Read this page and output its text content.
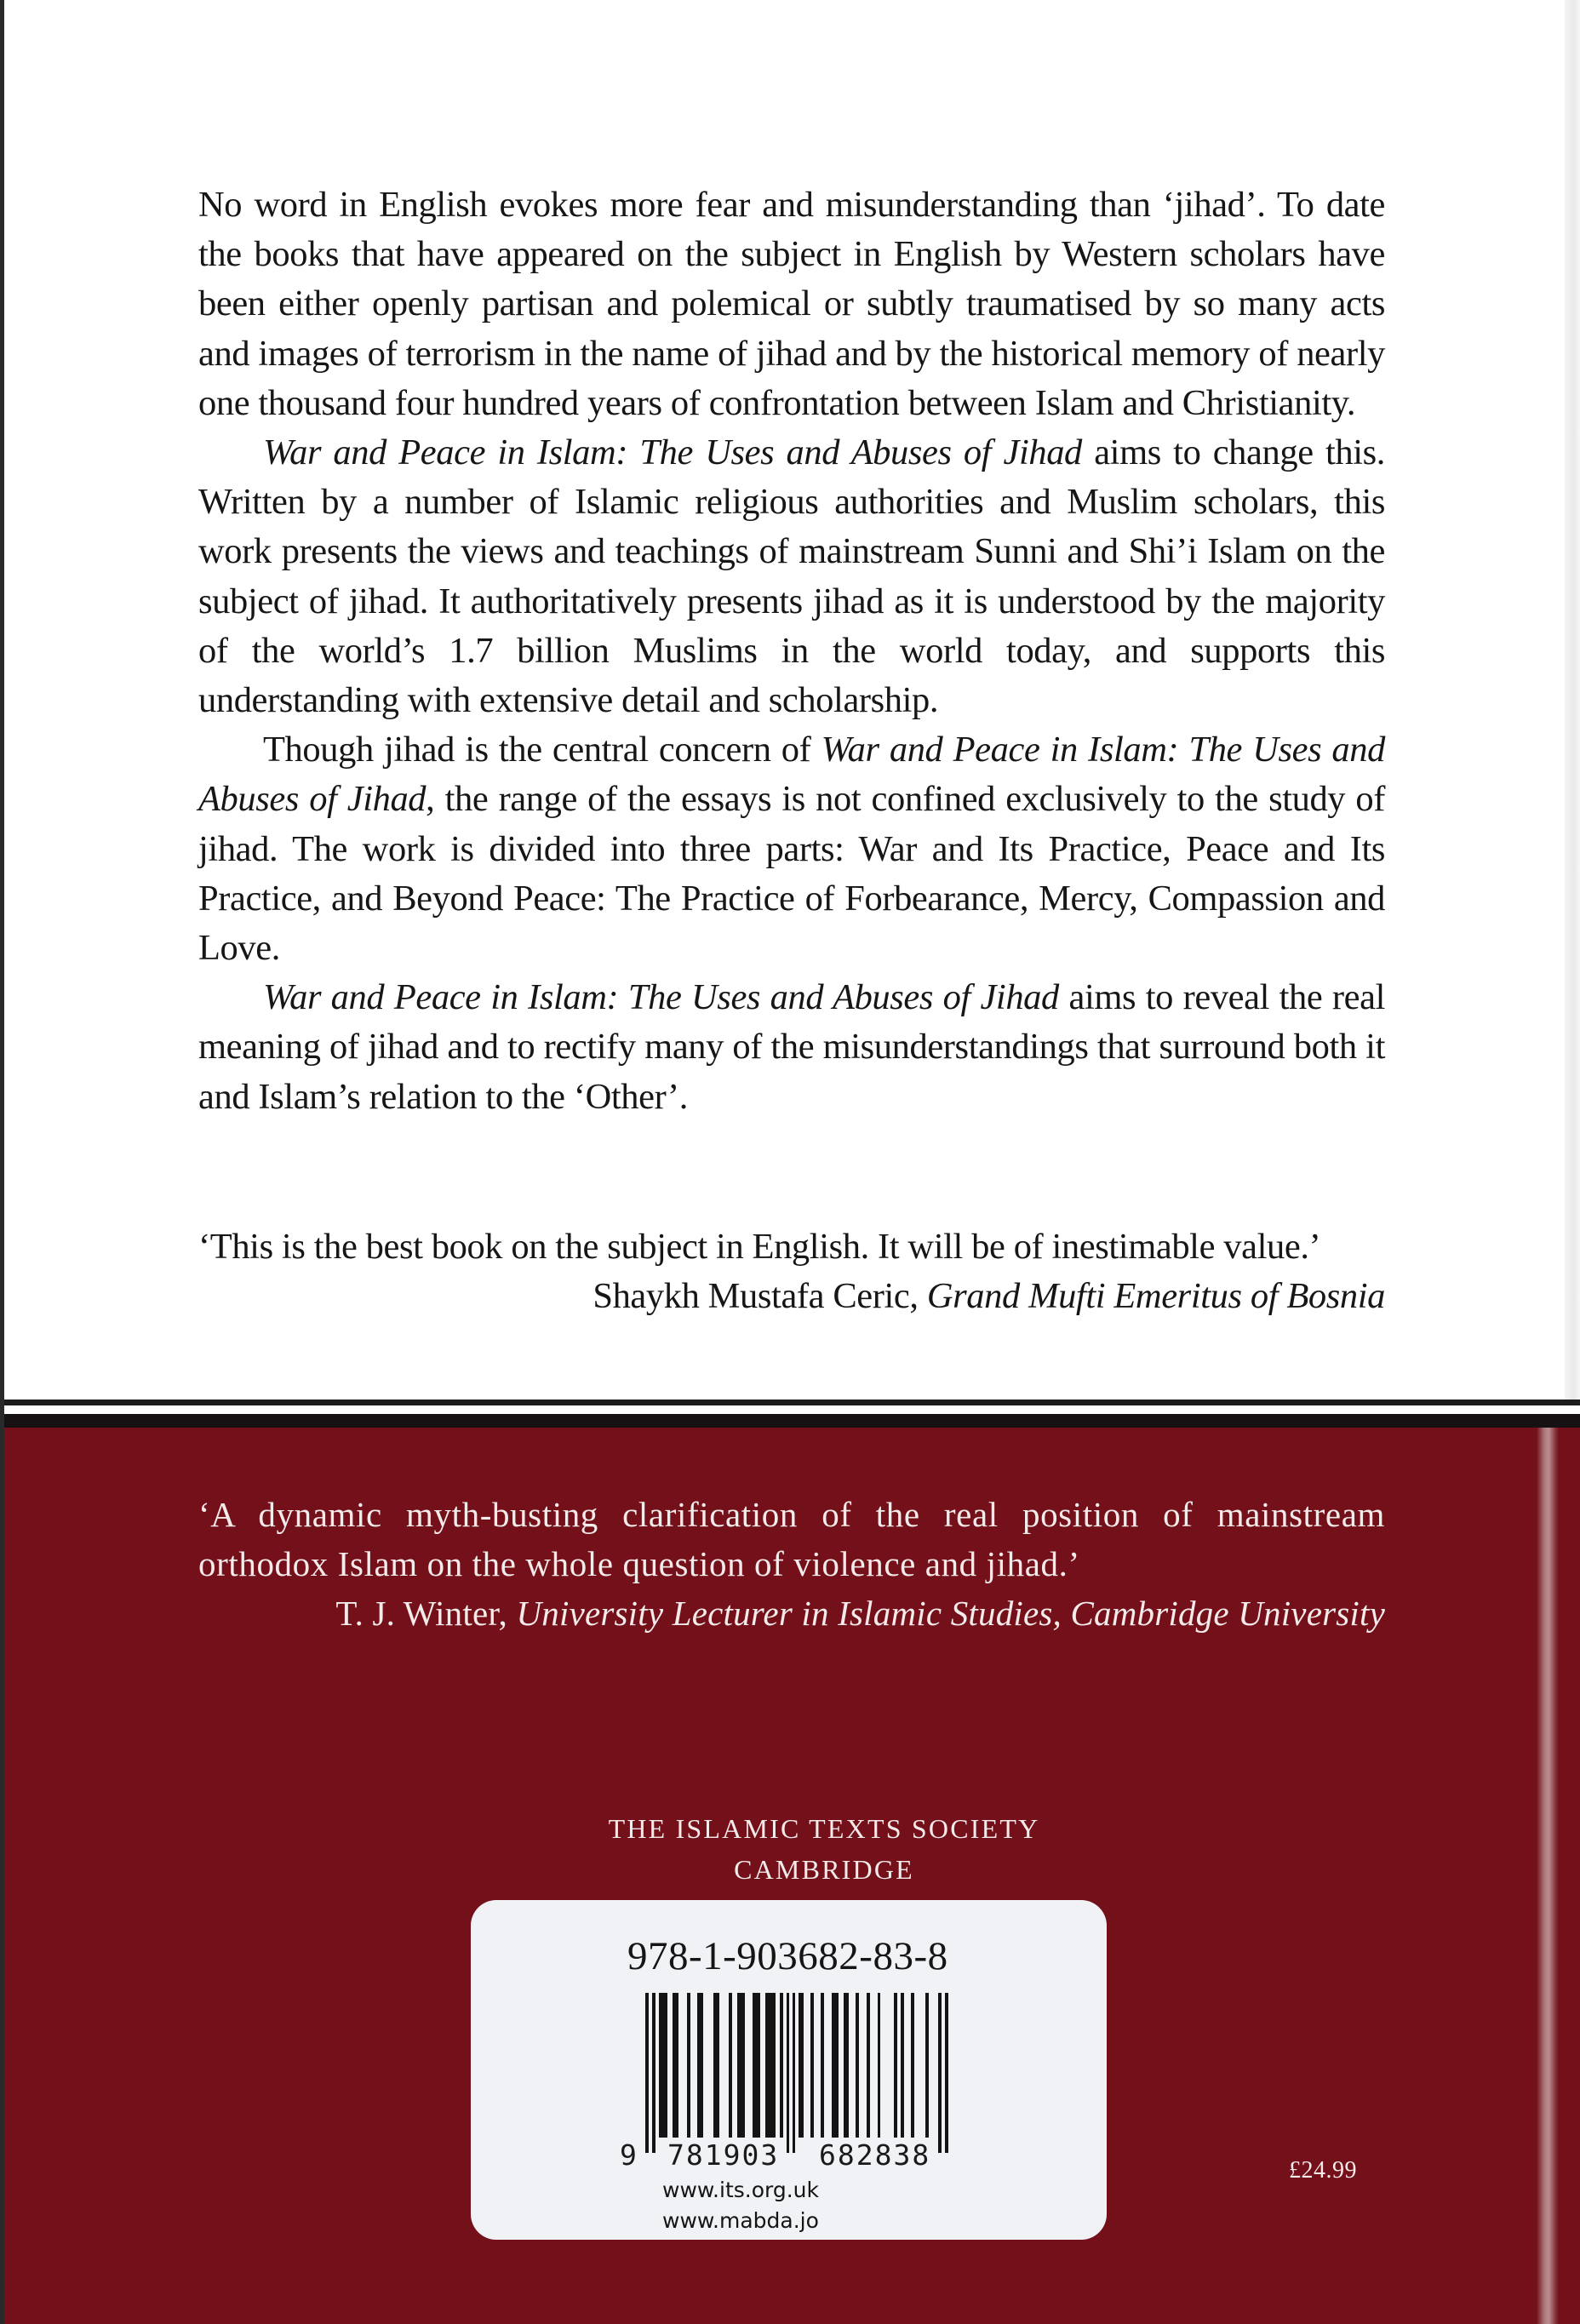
No word in English evokes more fear and misunderstanding than ‘jihad’. To date the books that have appeared on the subject in English by Western scholars have been either openly partisan and polemical or subtly traumatised by so many acts and images of terrorism in the name of jihad and by the historical memory of nearly one thousand four hundred years of confrontation between Islam and Christianity.

War and Peace in Islam: The Uses and Abuses of Jihad aims to change this. Written by a number of Islamic religious authorities and Muslim scholars, this work presents the views and teachings of mainstream Sunni and Shi’i Islam on the subject of jihad. It authoritatively presents jihad as it is understood by the majority of the world’s 1.7 billion Muslims in the world today, and supports this understanding with extensive detail and scholarship.

Though jihad is the central concern of War and Peace in Islam: The Uses and Abuses of Jihad, the range of the essays is not confined exclusively to the study of jihad. The work is divided into three parts: War and Its Practice, Peace and Its Practice, and Beyond Peace: The Practice of Forbearance, Mercy, Compassion and Love.

War and Peace in Islam: The Uses and Abuses of Jihad aims to reveal the real meaning of jihad and to rectify many of the misunderstandings that surround both it and Islam’s relation to the ‘Other’.

‘This is the best book on the subject in English. It will be of inestimable value.’

Shaykh Mustafa Ceric, Grand Mufti Emeritus of Bosnia

‘A dynamic myth-busting clarification of the real position of mainstream orthodox Islam on the whole question of violence and jihad.’

T. J. Winter, University Lecturer in Islamic Studies, Cambridge University

THE ISLAMIC TEXTS SOCIETY
CAMBRIDGE
978-1-903682-83-8
9 781903 682838
www.its.org.uk
www.mabda.jo
£24.99
